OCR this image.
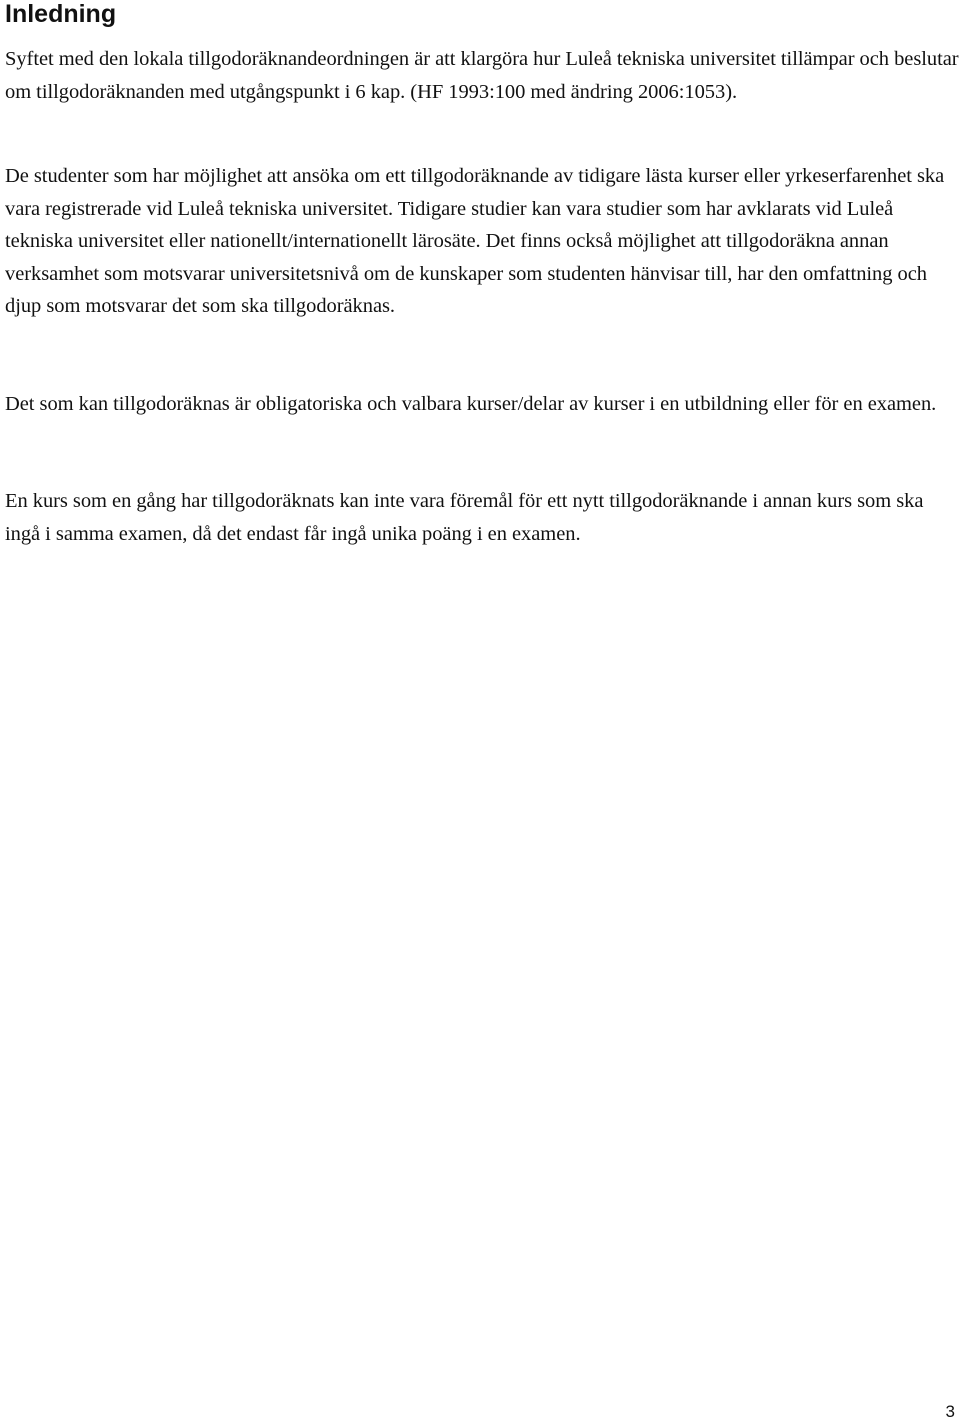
Inledning

Syftet med den lokala tillgodoräknandeordningen är att klargöra hur Luleå tekniska universitet tillämpar och beslutar om tillgodoräknanden med utgångspunkt i 6 kap. (HF 1993:100 med ändring 2006:1053).

De studenter som har möjlighet att ansöka om ett tillgodoräknande av tidigare lästa kurser eller yrkeserfarenhet ska vara registrerade vid Luleå tekniska universitet. Tidigare studier kan vara studier som har avklarats vid Luleå tekniska universitet eller nationellt/internationellt lärosäte. Det finns också möjlighet att tillgodoräkna annan verksamhet som motsvarar universitetsnivå om de kunskaper som studenten hänvisar till, har den omfattning och djup som motsvarar det som ska tillgodoräknas.

Det som kan tillgodoräknas är obligatoriska och valbara kurser/delar av kurser i en utbildning eller för en examen.

En kurs som en gång har tillgodoräknats kan inte vara föremål för ett nytt tillgodoräknande i annan kurs som ska ingå i samma examen, då det endast får ingå unika poäng i en examen.

3
